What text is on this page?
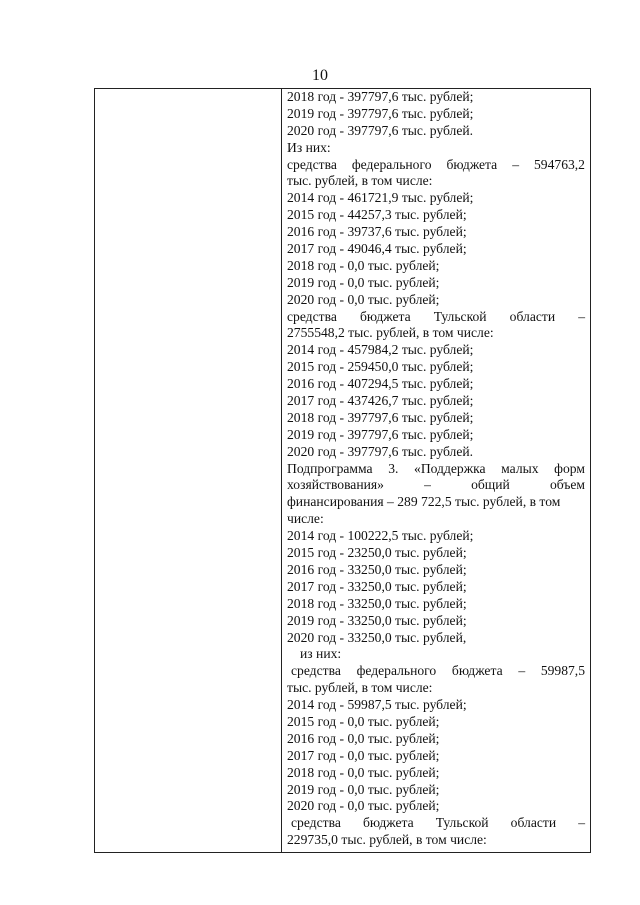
10
2018 год - 397797,6 тыс. рублей;
2019 год - 397797,6 тыс. рублей;
2020 год - 397797,6 тыс. рублей.
Из них:
средства федерального бюджета – 594763,2
тыс. рублей, в том числе:
2014 год - 461721,9 тыс. рублей;
2015 год - 44257,3 тыс. рублей;
2016 год - 39737,6 тыс. рублей;
2017 год - 49046,4 тыс. рублей;
2018 год - 0,0 тыс. рублей;
2019 год - 0,0 тыс. рублей;
2020 год - 0,0 тыс. рублей;
средства бюджета Тульской области –
2755548,2 тыс. рублей, в том числе:
2014 год - 457984,2 тыс. рублей;
2015 год - 259450,0 тыс. рублей;
2016 год - 407294,5 тыс. рублей;
2017 год - 437426,7 тыс. рублей;
2018 год - 397797,6 тыс. рублей;
2019 год - 397797,6 тыс. рублей;
2020 год - 397797,6 тыс. рублей.
Подпрограмма 3. «Поддержка малых форм
хозяйствования»	–	общий	объем
финансирования – 289 722,5 тыс. рублей, в том
числе:
2014 год - 100222,5 тыс. рублей;
2015 год - 23250,0 тыс. рублей;
2016 год - 33250,0 тыс. рублей;
2017 год - 33250,0 тыс. рублей;
2018 год - 33250,0 тыс. рублей;
2019 год - 33250,0 тыс. рублей;
2020 год - 33250,0 тыс. рублей,
из них:
средства федерального бюджета – 59987,5
тыс. рублей, в том числе:
2014 год - 59987,5 тыс. рублей;
2015 год - 0,0 тыс. рублей;
2016 год - 0,0 тыс. рублей;
2017 год - 0,0 тыс. рублей;
2018 год - 0,0 тыс. рублей;
2019 год - 0,0 тыс. рублей;
2020 год - 0,0 тыс. рублей;
средства бюджета Тульской области –
229735,0 тыс. рублей, в том числе:
